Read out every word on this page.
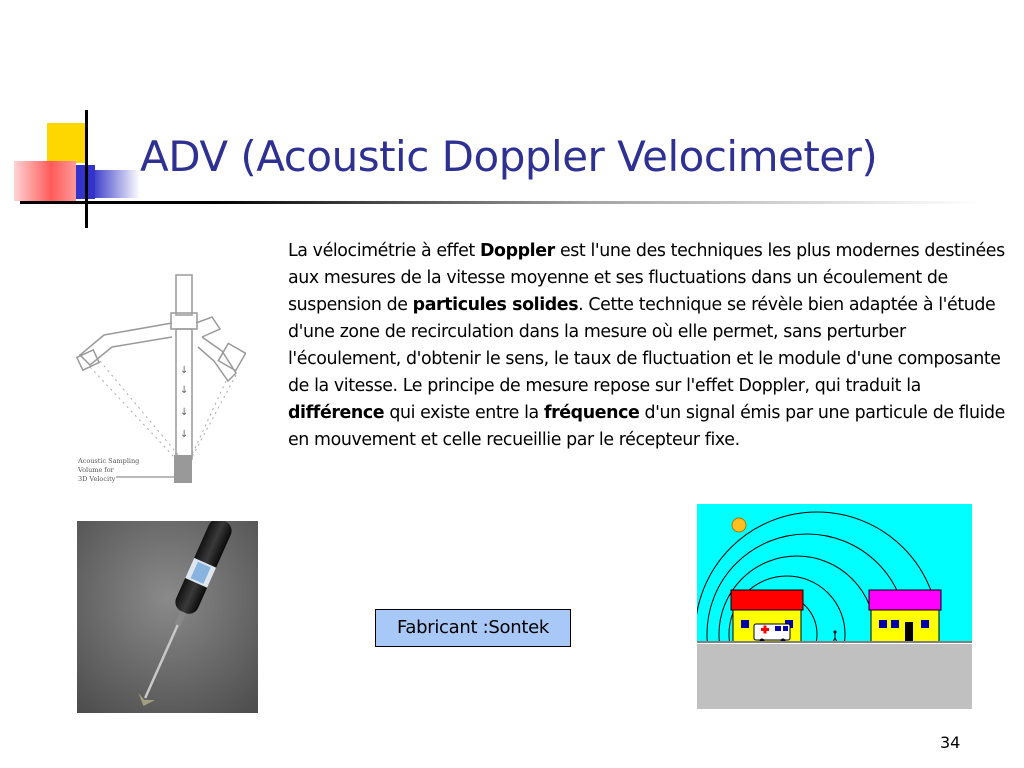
ADV (Acoustic Doppler Velocimeter)
↓
↓
↓
↓
Acoustic Sampling
Volume for
3D Velocity
La vélocimétrie à effet Doppler est l'une des techniques les plus modernes destinées aux mesures de la vitesse moyenne et ses fluctuations dans un écoulement de suspension de particules solides. Cette technique se révèle bien adaptée à l'étude d'une zone de recirculation dans la mesure où elle permet, sans perturber l'écoulement, d'obtenir le sens, le taux de fluctuation et le module d'une composante de la vitesse. Le principe de mesure repose sur l'effet Doppler, qui traduit la différence qui existe entre la fréquence d'un signal émis par une particule de fluide en mouvement et celle recueillie par le récepteur fixe.
Fabricant :Sontek
34
